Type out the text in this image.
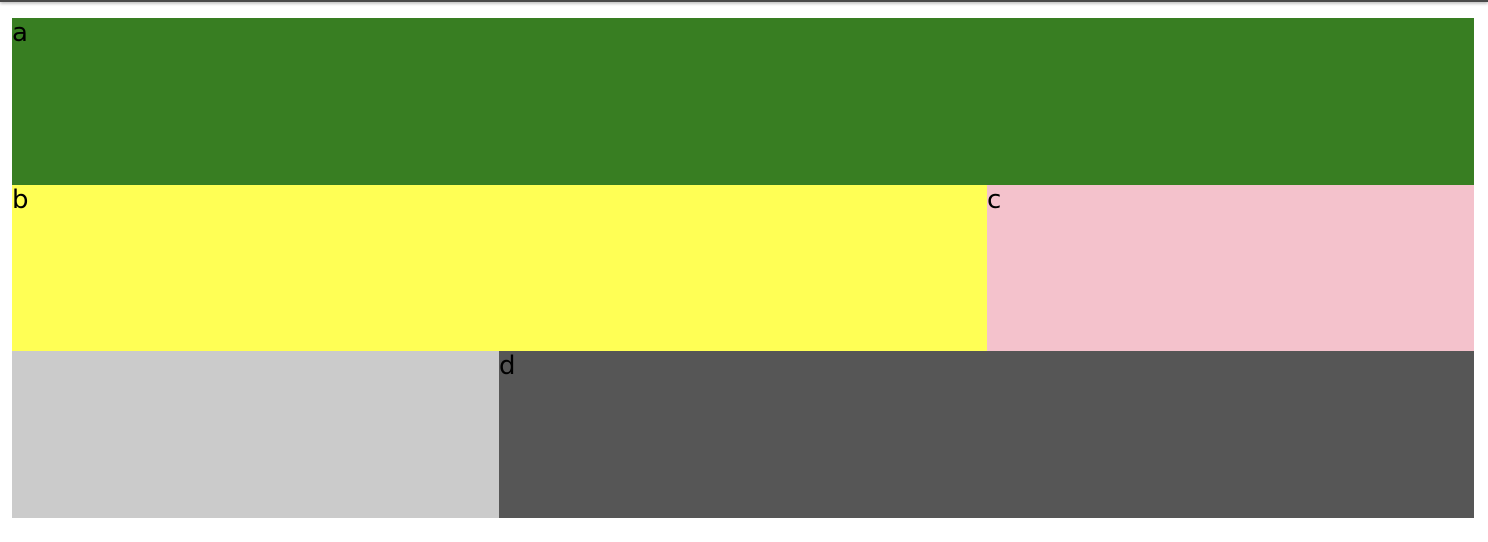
a
b	c
d
